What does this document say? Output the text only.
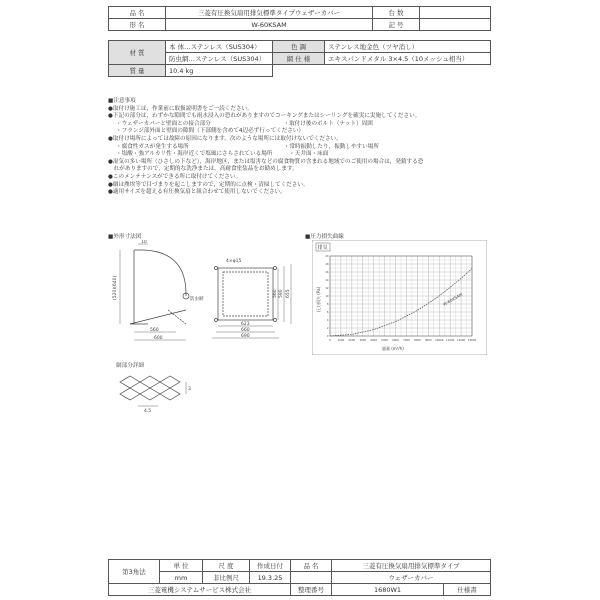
品 名	三菱有圧換気扇用排気標準タイプウェザーカバー	台 数	
形 名	W-60KSAM	記 号	
材 質	本 体…ステンレス（SUS304）	色 調	ステンレス地金色（ツヤ消し）
	防虫網…ステンレス（SUS304）	網 仕 様	エキスパンドメタル 3×4.5（10メッシュ相当）
質 量	10.4 kg		
■注意事項
●取付け施工は，作業前に取扱説明書をご一読ください。
●下記の部分は，わずかな隙間でも雨水浸入の恐れがありますのでコーキングまたはシーリングを確実に実施してください。
・ウェザーカバーと壁面との接合部分　　　　　　　　　　　　　・取付け後のボルト（ナット）周囲
・フランジ部外面と壁面の隙間（下部側を含めて4辺必ず行ってください）
●取付け場所によっては故障の原因になります。次のような場所には取付けないでください。
・腐食性ガスが発生する場所　　　　　　　　　　　　　　　　　・常時振動したり，振動しやすい場所
・塩酸・強アルカリ性・海岸近くで塩風にさらされている場所　　　・天井面・床面
●湿気の多い場所（ひさしの下など），海岸地区，または塩害などの腐食物質の含まれる地域でのご使用の場合は，発錆する恐
　れがありますので，定期的な洗浄または，高耐食塗装品をお勧めします。
●このメンテナンスができる所に取付けてください。
●網は塵埃等で目づまりを起こしますので，定期的に点検・清掃してください。
●適用サイズを超える有圧換気扇と組合わせて使用しないでください。
■外形寸法図	■圧力損失曲線
網部分詳細
10
(520)(640)	防虫網
560
600
4×φ15
623
660
690
560 590 655
4.5
3
排気
0	1000 2000 3000 4000 5000 6000 7000 8000 9000 10000 11000 12000 13000
0
2
4
6
8
10
12
14
16
18
20
W-60KSAM
風量 (m³/h)
圧力損失 (Pa)
第3角法	単 位	尺 度	作成日付	品 名	三菱有圧換気扇用排気標準タイプ	
	mm	非比例尺	19.3.25		ウェザーカバー	
三菱電機システムサービス株式会社				整理番号	1680W1	仕様書
